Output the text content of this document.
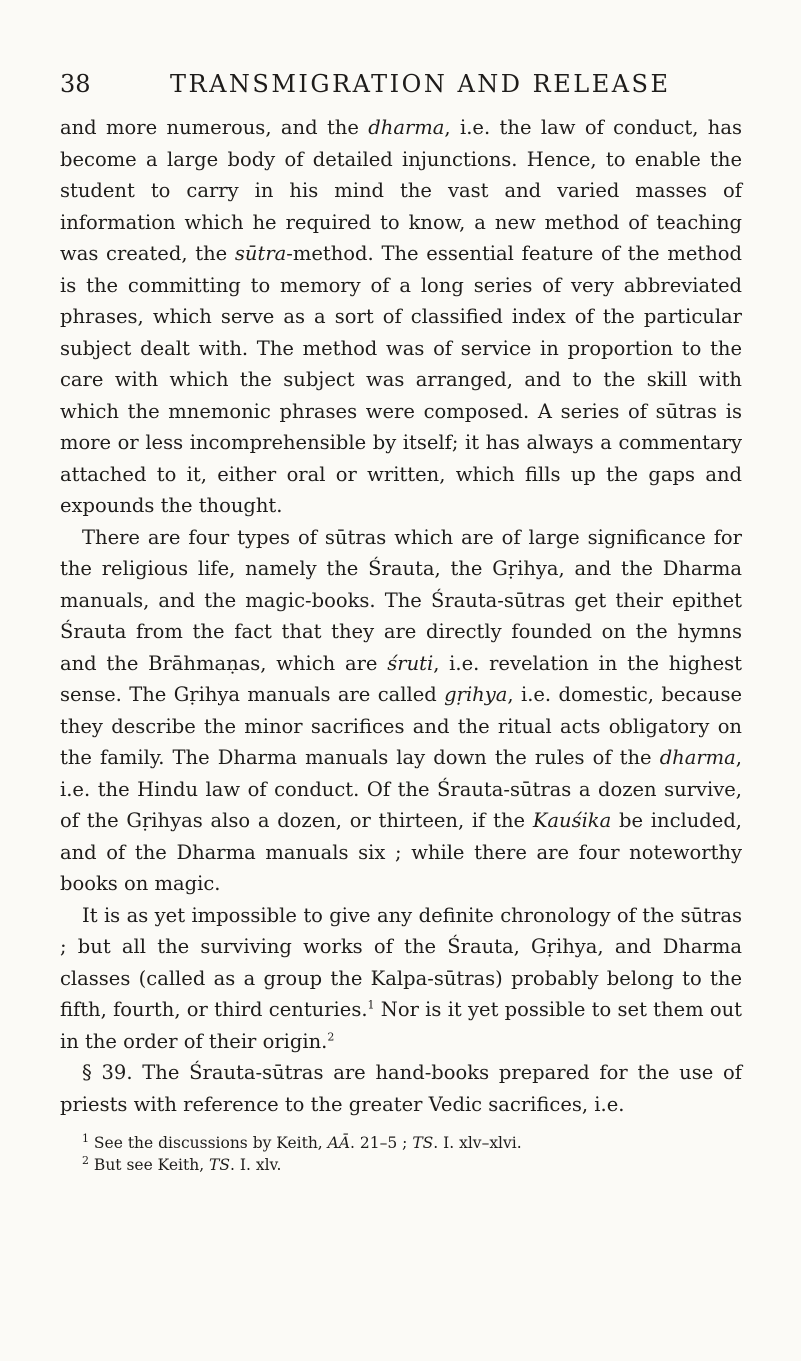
38	TRANSMIGRATION AND RELEASE

and more numerous, and the dharma, i.e. the law of conduct, has become a large body of detailed injunctions. Hence, to enable the student to carry in his mind the vast and varied masses of information which he required to know, a new method of teaching was created, the sūtra-method. The essential feature of the method is the committing to memory of a long series of very abbreviated phrases, which serve as a sort of classified index of the particular subject dealt with. The method was of service in proportion to the care with which the subject was arranged, and to the skill with which the mnemonic phrases were composed. A series of sūtras is more or less incomprehensible by itself; it has always a commentary attached to it, either oral or written, which fills up the gaps and expounds the thought.

There are four types of sūtras which are of large significance for the religious life, namely the Śrauta, the Gṛihya, and the Dharma manuals, and the magic-books. The Śrauta-sūtras get their epithet Śrauta from the fact that they are directly founded on the hymns and the Brāhmaṇas, which are śruti, i.e. revelation in the highest sense. The Gṛihya manuals are called gṛihya, i.e. domestic, because they describe the minor sacrifices and the ritual acts obligatory on the family. The Dharma manuals lay down the rules of the dharma, i.e. the Hindu law of conduct. Of the Śrauta-sūtras a dozen survive, of the Gṛihyas also a dozen, or thirteen, if the Kauśika be included, and of the Dharma manuals six ; while there are four noteworthy books on magic.

It is as yet impossible to give any definite chronology of the sūtras ; but all the surviving works of the Śrauta, Gṛihya, and Dharma classes (called as a group the Kalpa-sūtras) probably belong to the fifth, fourth, or third centuries.$^1$ Nor is it yet possible to set them out in the order of their origin.$^2$

§ 39. The Śrauta-sūtras are hand-books prepared for the use of priests with reference to the greater Vedic sacrifices, i.e.

$^1$ See the discussions by Keith, AĀ. 21–5 ; TS. I. xlv–xlvi.

$^2$ But see Keith, TS. I. xlv.
